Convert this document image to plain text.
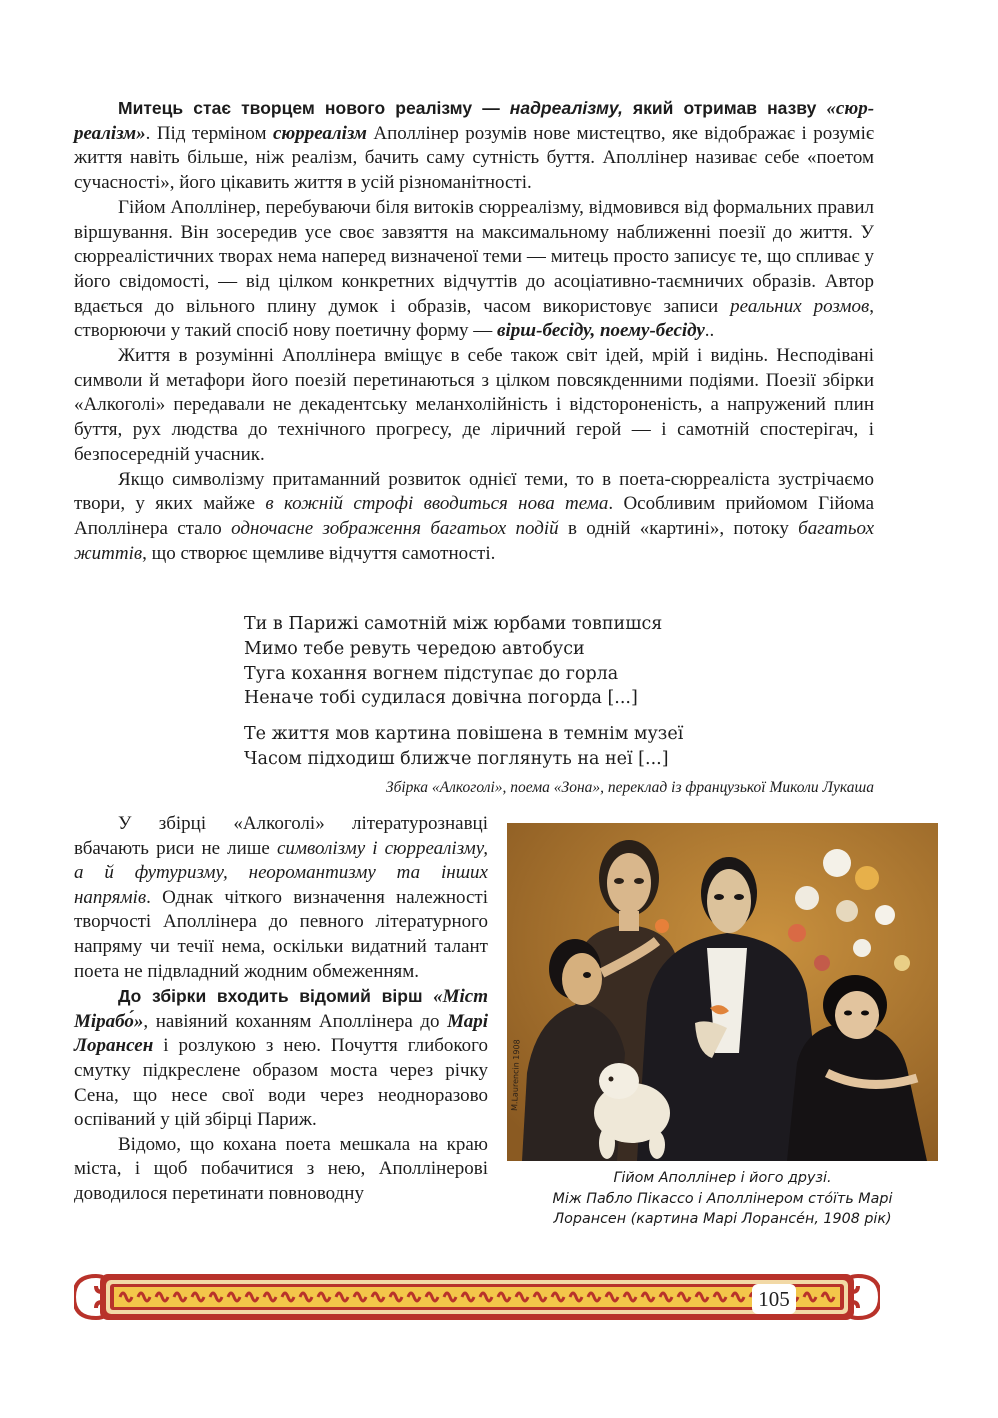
Митець стає творцем нового реалізму — надреалізму, який отримав назву «сюрреалізм». Під терміном сюрреалізм Аполлінер розумів нове мистецтво, яке відображає і розуміє життя навіть більше, ніж реалізм, бачить саму сутність буття. Аполлінер називає себе «поетом сучасності», його цікавить життя в усій різноманітності.

Гійом Аполлінер, перебуваючи біля витоків сюрреалізму, відмовився від формальних правил віршування. Він зосередив усе своє завзяття на максимальному наближенні поезії до життя. У сюрреалістичних творах нема наперед визначеної теми — митець просто записує те, що спливає у його свідомості, — від цілком конкретних відчуттів до асоціативно-таємничих образів. Автор вдається до вільного плину думок і образів, часом використовує записи реальних розмов, створюючи у такий спосіб нову поетичну форму — вірш-бесіду, поему-бесіду..

Життя в розумінні Аполлінера вміщує в себе також світ ідей, мрій і видінь. Несподівані символи й метафори його поезій перетинаються з цілком повсякденними подіями. Поезії збірки «Алкоголі» передавали не декадентську меланхолійність і відстороненість, а напружений плин буття, рух людства до технічного прогресу, де ліричний герой — і самотній спостерігач, і безпосередній учасник.

Якщо символізму притаманний розвиток однієї теми, то в поета-сюрреаліста зустрічаємо твори, у яких майже в кожній строфі вводиться нова тема. Особливим прийомом Гійома Аполлінера стало одночасне зображення багатьох подій в одній «картині», потоку багатьох життів, що створює щемливе відчуття самотності.

Ти в Парижі самотній між юрбами товпишся
Мимо тебе ревуть чередою автобуси
Туга кохання вогнем підступає до горла
Неначе тобі судилася довічна погорда [...]
Те життя мов картина повішена в темнім музеї
Часом підходиш ближче поглянуть на неї [...]
Збірка «Алкоголі», поема «Зона», переклад із французької Миколи Лукаша

У збірці «Алкоголі» літературознавці вбачають риси не лише символізму і сюрреалізму, а й футуризму, неоромантизму та інших напрямів. Однак чіткого визначення належності творчості Аполлінера до певного літературного напряму чи течії нема, оскільки видатний талант поета не підвладний жодним обмеженням.

До збірки входить відомий вірш «Міст Мірабо́», навіяний коханням Аполлінера до Марі Лорансен і розлукою з нею. Почуття глибокого смутку підкреслене образом моста через річку Сена, що несе свої води через неодноразово оспіваний у цій збірці Париж.

Відомо, що кохана поета мешкала на краю міста, і щоб побачитися з нею, Аполлінерові доводилося перетинати повноводну

M.Laurencin 1908
Гійом Аполлінер і його друзі.
Між Пабло Пікассо і Аполлінером сто́їть Марі
Лорансен (картина Марі Лорансе́н, 1908 рік)
105
